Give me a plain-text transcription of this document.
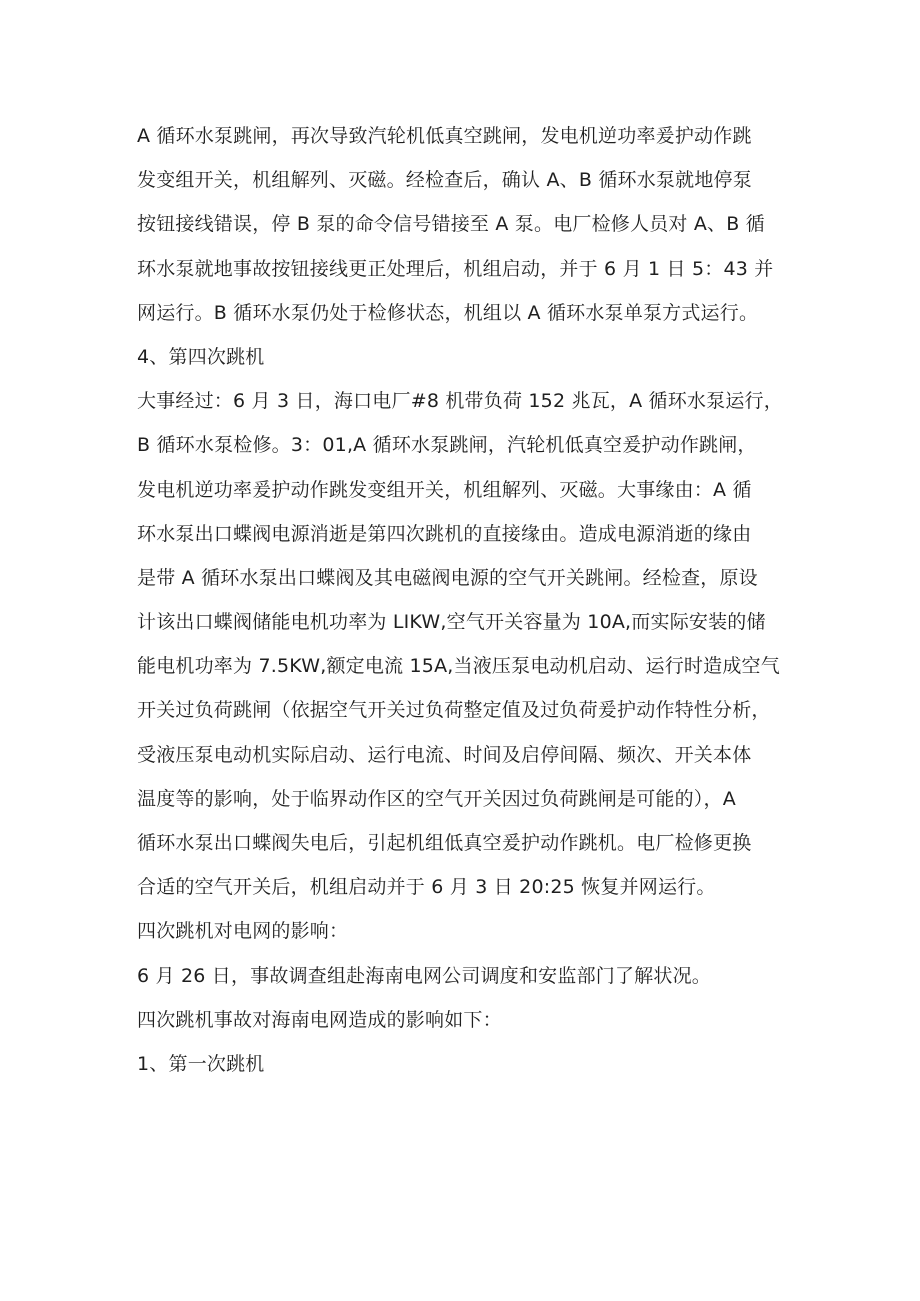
A 循环水泵跳闸，再次导致汽轮机低真空跳闸，发电机逆功率爰护动作跳
发变组开关，机组解列、灭磁。经检查后，确认 A、B 循环水泵就地停泵
按钮接线错误，停 B 泵的命令信号错接至 A 泵。电厂检修人员对 A、B 循
环水泵就地事故按钮接线更正处理后，机组启动，并于 6 月 1 日 5：43 并
网运行。B 循环水泵仍处于检修状态，机组以 A 循环水泵单泵方式运行。
4、第四次跳机
大事经过：6 月 3 日，海口电厂#8 机带负荷 152 兆瓦，A 循环水泵运行，
B 循环水泵检修。3：01,A 循环水泵跳闸，汽轮机低真空爰护动作跳闸，
发电机逆功率爰护动作跳发变组开关，机组解列、灭磁。大事缘由：A 循
环水泵出口蝶阀电源消逝是第四次跳机的直接缘由。造成电源消逝的缘由
是带 A 循环水泵出口蝶阀及其电磁阀电源的空气开关跳闸。经检查，原设
计该出口蝶阀储能电机功率为 LIKW,空气开关容量为 10A,而实际安装的储
能电机功率为 7.5KW,额定电流 15A,当液压泵电动机启动、运行时造成空气
开关过负荷跳闸（依据空气开关过负荷整定值及过负荷爰护动作特性分析，
受液压泵电动机实际启动、运行电流、时间及启停间隔、频次、开关本体
温度等的影响，处于临界动作区的空气开关因过负荷跳闸是可能的），A
循环水泵出口蝶阀失电后，引起机组低真空爰护动作跳机。电厂检修更换
合适的空气开关后，机组启动并于 6 月 3 日 20:25 恢复并网运行。
四次跳机对电网的影响：
6 月 26 日，事故调查组赴海南电网公司调度和安监部门了解状况。
四次跳机事故对海南电网造成的影响如下：
1、第一次跳机
